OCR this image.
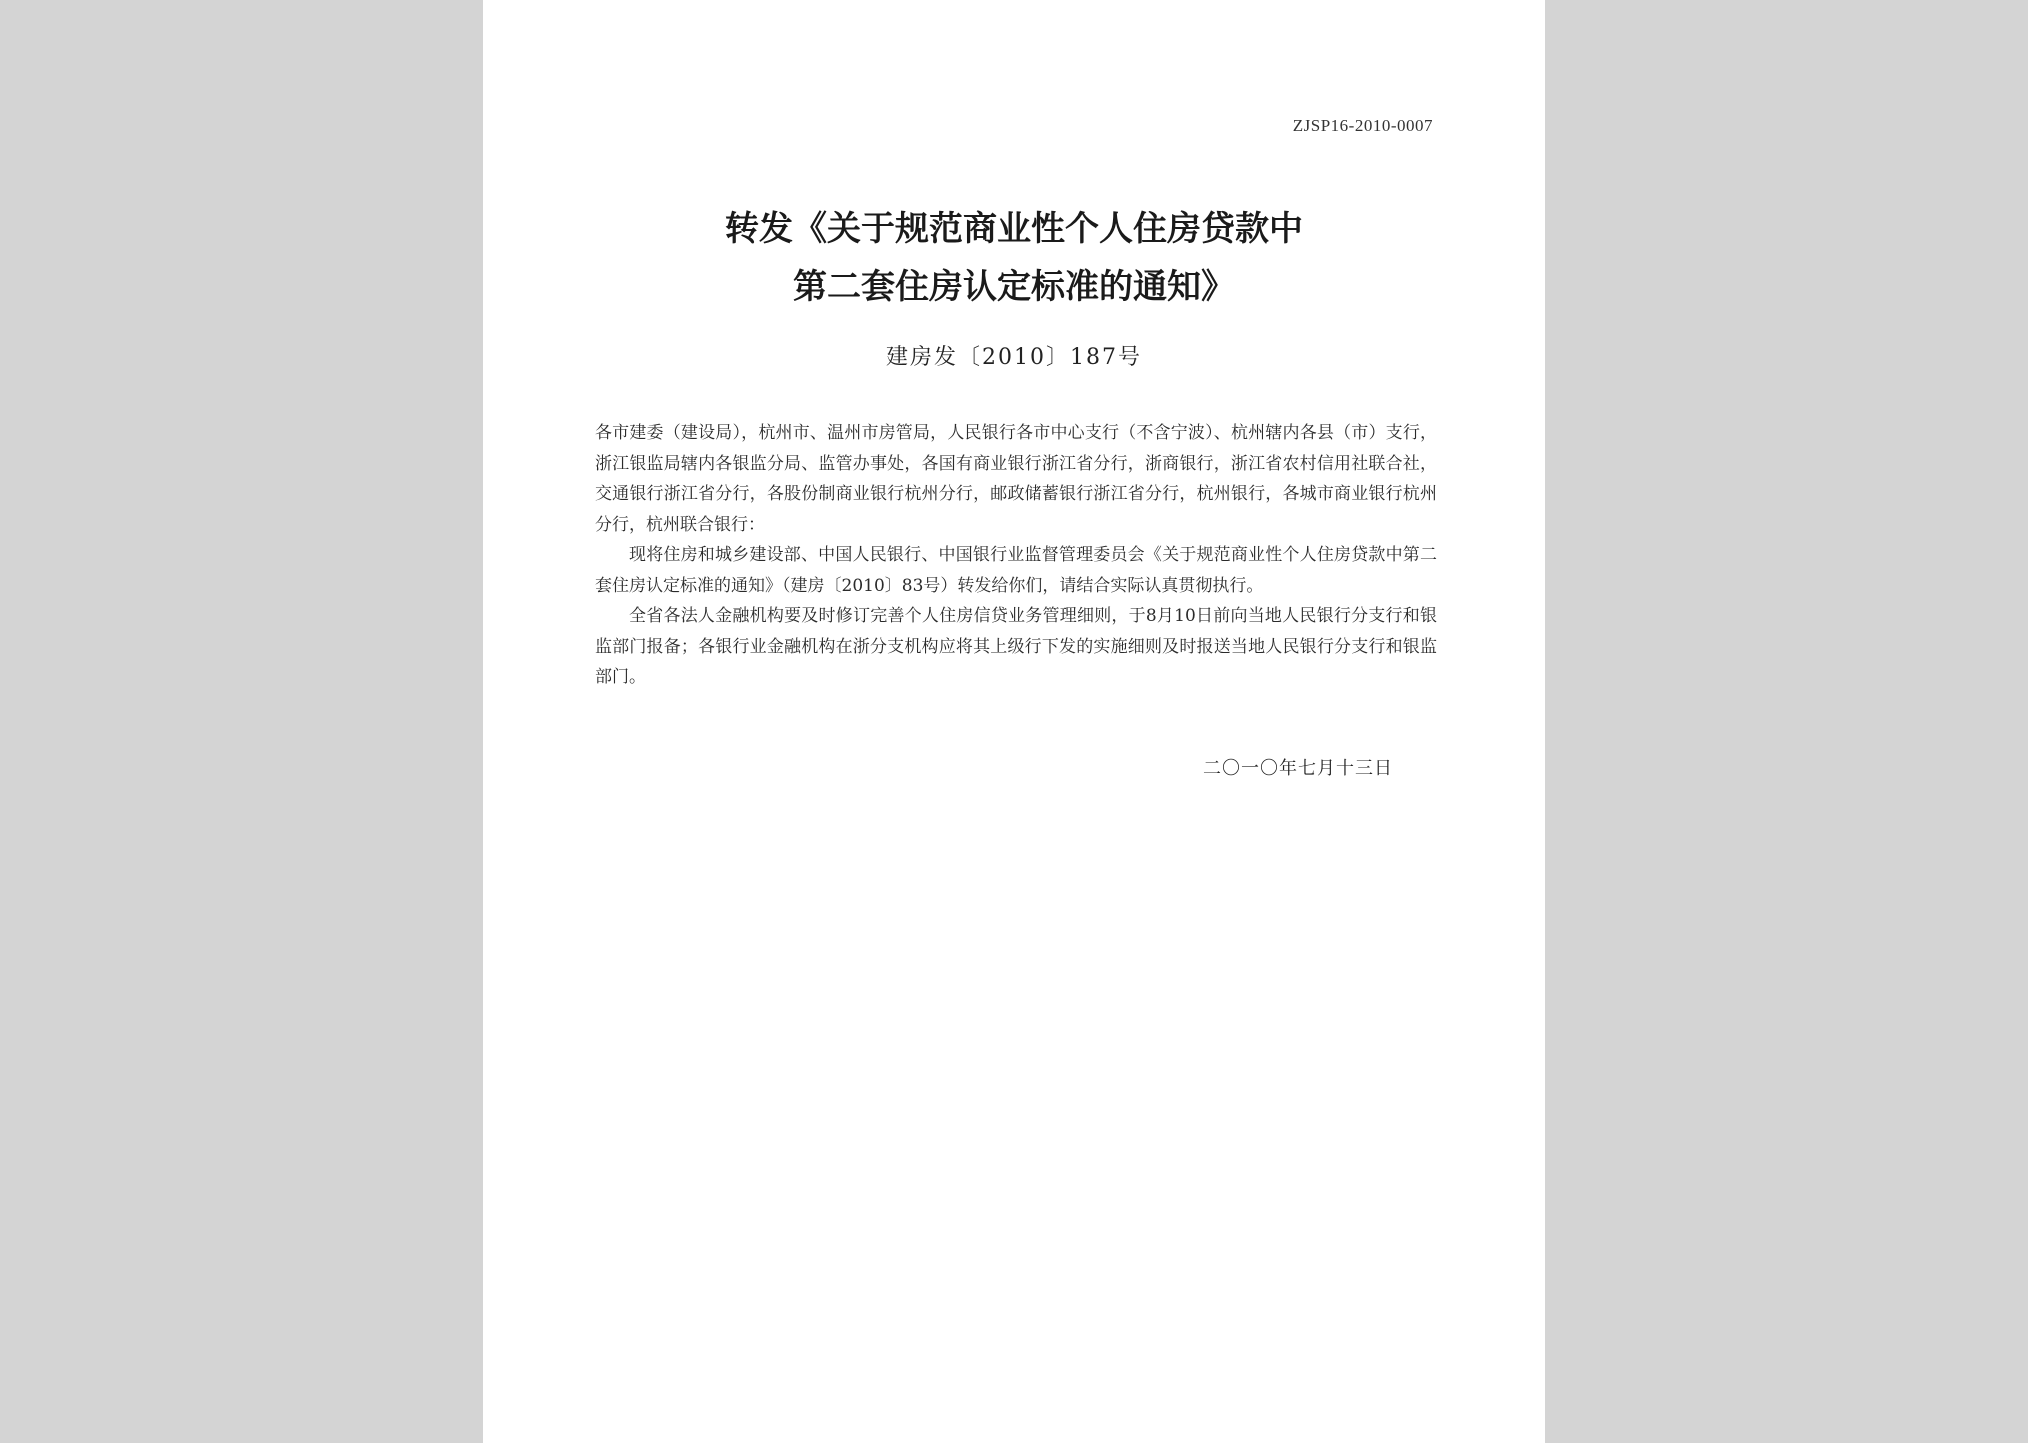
ZJSP16-2010-0007
转发《关于规范商业性个人住房贷款中
第二套住房认定标准的通知》
建房发〔2010〕187号

各市建委（建设局），杭州市、温州市房管局，人民银行各市中心支行（不含宁波）、杭州辖内各县（市）支行，浙江银监局辖内各银监分局、监管办事处，各国有商业银行浙江省分行，浙商银行，浙江省农村信用社联合社，交通银行浙江省分行，各股份制商业银行杭州分行，邮政储蓄银行浙江省分行，杭州银行，各城市商业银行杭州分行，杭州联合银行：

现将住房和城乡建设部、中国人民银行、中国银行业监督管理委员会《关于规范商业性个人住房贷款中第二套住房认定标准的通知》（建房〔2010〕83号）转发给你们，请结合实际认真贯彻执行。

全省各法人金融机构要及时修订完善个人住房信贷业务管理细则，于8月10日前向当地人民银行分支行和银监部门报备；各银行业金融机构在浙分支机构应将其上级行下发的实施细则及时报送当地人民银行分支行和银监部门。

二〇一〇年七月十三日
